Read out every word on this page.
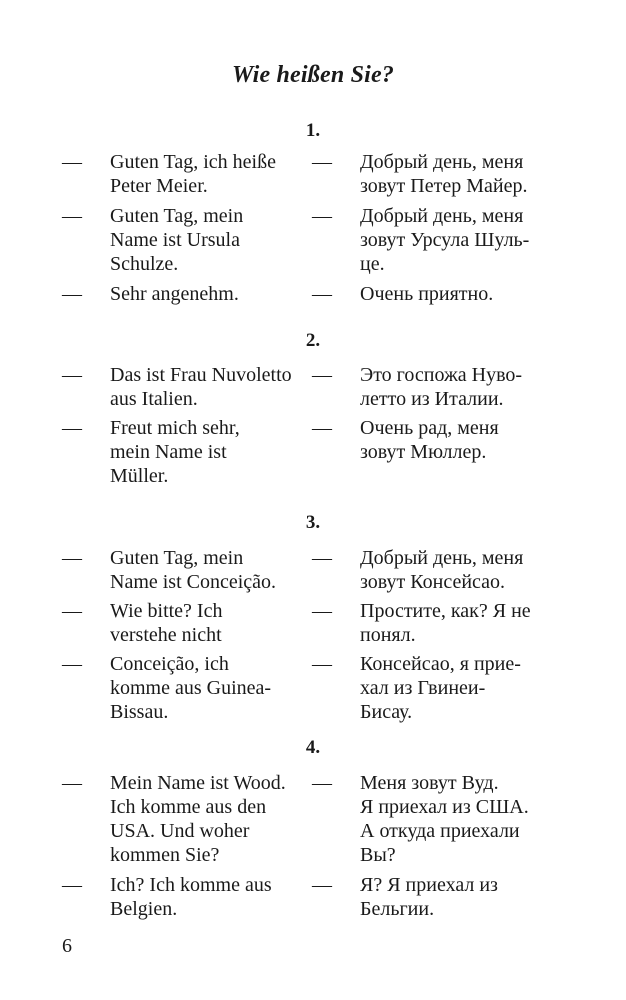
Wie heißen Sie?
1.
— Guten Tag, ich heiße
Peter Meier.
— Добрый день, меня
зовут Петер Майер.
— Guten Tag, mein
Name ist Ursula
Schulze.
— Добрый день, меня
зовут Урсула Шуль-
це.
— Sehr angenehm.	— Очень приятно.
2.
— Das ist Frau Nuvoletto
aus Italien.
— Это госпожа Нуво-
летто из Италии.
— Freut mich sehr,
mein Name ist
Müller.
— Очень рад, меня
зовут Мюллер.
3.
— Guten Tag, mein
Name ist Conceição.
— Добрый день, меня
зовут Консейсао.
— Wie bitte? Ich
verstehe nicht
— Простите, как? Я не
понял.
— Conceição, ich
komme aus Guinea-
Bissau.
— Консейсао, я прие-
хал из Гвинеи-
Бисау.
4.
— Mein Name ist Wood.
Ich komme aus den
USA. Und woher
kommen Sie?
— Меня зовут Вуд.
Я приехал из США.
А откуда приехали
Вы?
— Ich? Ich komme aus
Belgien.
— Я? Я приехал из
Бельгии.
6
